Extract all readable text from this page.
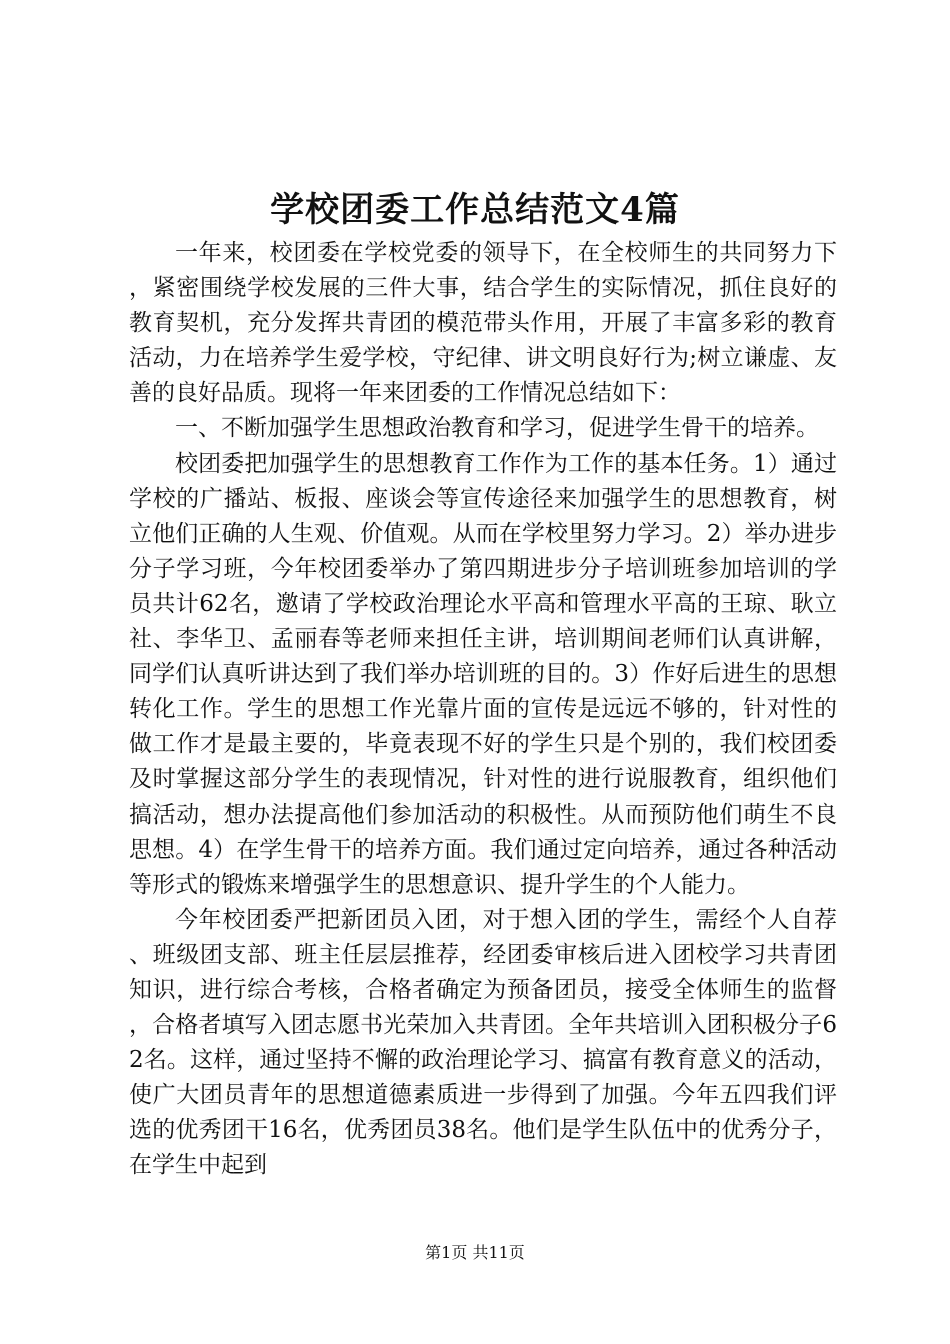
学校团委工作总结范文4篇

一年来，校团委在学校党委的领导下，在全校师生的共同努力下，紧密围绕学校发展的三件大事，结合学生的实际情况，抓住良好的教育契机，充分发挥共青团的模范带头作用，开展了丰富多彩的教育活动，力在培养学生爱学校，守纪律、讲文明良好行为;树立谦虚、友善的良好品质。现将一年来团委的工作情况总结如下：

一、不断加强学生思想政治教育和学习，促进学生骨干的培养。

校团委把加强学生的思想教育工作作为工作的基本任务。1）通过学校的广播站、板报、座谈会等宣传途径来加强学生的思想教育，树立他们正确的人生观、价值观。从而在学校里努力学习。2）举办进步分子学习班，今年校团委举办了第四期进步分子培训班参加培训的学员共计62名，邀请了学校政治理论水平高和管理水平高的王琼、耿立社、李华卫、孟丽春等老师来担任主讲，培训期间老师们认真讲解，同学们认真听讲达到了我们举办培训班的目的。3）作好后进生的思想转化工作。学生的思想工作光靠片面的宣传是远远不够的，针对性的做工作才是最主要的，毕竟表现不好的学生只是个别的，我们校团委及时掌握这部分学生的表现情况，针对性的进行说服教育，组织他们搞活动，想办法提高他们参加活动的积极性。从而预防他们萌生不良思想。4）在学生骨干的培养方面。我们通过定向培养，通过各种活动等形式的锻炼来增强学生的思想意识、提升学生的个人能力。

今年校团委严把新团员入团，对于想入团的学生，需经个人自荐、班级团支部、班主任层层推荐，经团委审核后进入团校学习共青团知识，进行综合考核，合格者确定为预备团员，接受全体师生的监督，合格者填写入团志愿书光荣加入共青团。全年共培训入团积极分子62名。这样，通过坚持不懈的政治理论学习、搞富有教育意义的活动，使广大团员青年的思想道德素质进一步得到了加强。今年五四我们评选的优秀团干16名，优秀团员38名。他们是学生队伍中的优秀分子，在学生中起到

第1页 共11页
